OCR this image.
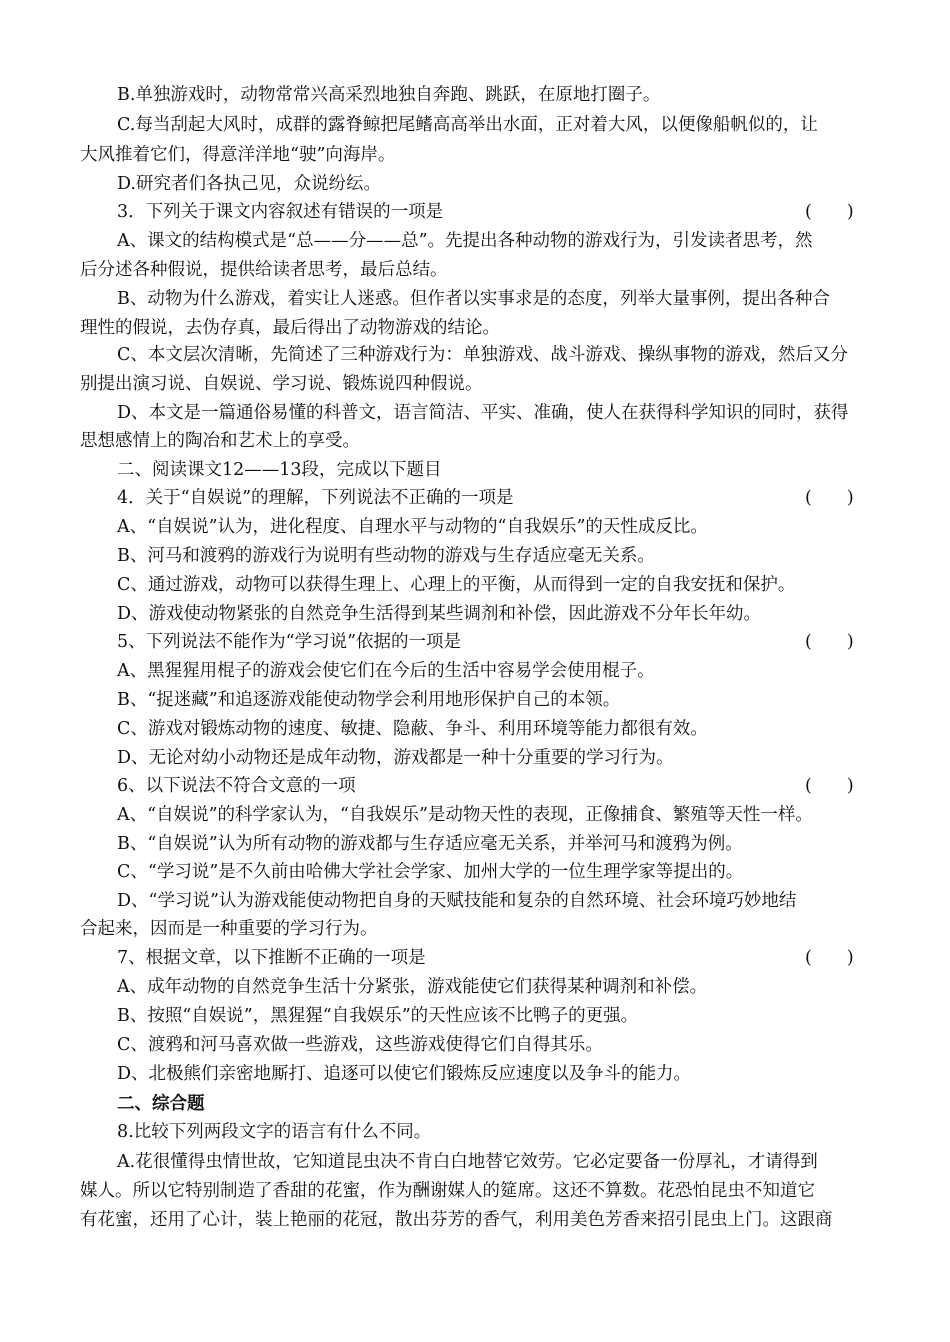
B.单独游戏时，动物常常兴高采烈地独自奔跑、跳跃，在原地打圈子。
C.每当刮起大风时，成群的露脊鲸把尾鳍高高举出水面，正对着大风，以便像船帆似的，让
大风推着它们，得意洋洋地“驶”向海岸。
D.研究者们各执己见，众说纷纭。
3．下列关于课文内容叙述有错误的一项是	(　　)
A、课文的结构模式是“总——分——总”。先提出各种动物的游戏行为，引发读者思考，然
后分述各种假说，提供给读者思考，最后总结。
B、动物为什么游戏，着实让人迷惑。但作者以实事求是的态度，列举大量事例，提出各种合
理性的假说，去伪存真，最后得出了动物游戏的结论。
C、本文层次清晰，先简述了三种游戏行为：单独游戏、战斗游戏、操纵事物的游戏，然后又分
别提出演习说、自娱说、学习说、锻炼说四种假说。
D、本文是一篇通俗易懂的科普文，语言简洁、平实、准确，使人在获得科学知识的同时，获得
思想感情上的陶冶和艺术上的享受。
二、阅读课文12——13段，完成以下题目
4．关于“自娱说”的理解，下列说法不正确的一项是	(　　)
A、“自娱说”认为，进化程度、自理水平与动物的“自我娱乐”的天性成反比。
B、河马和渡鸦的游戏行为说明有些动物的游戏与生存适应毫无关系。
C、通过游戏，动物可以获得生理上、心理上的平衡，从而得到一定的自我安抚和保护。
D、游戏使动物紧张的自然竞争生活得到某些调剂和补偿，因此游戏不分年长年幼。
5、下列说法不能作为“学习说”依据的一项是	(　　)
A、黑猩猩用棍子的游戏会使它们在今后的生活中容易学会使用棍子。
B、“捉迷藏”和追逐游戏能使动物学会利用地形保护自己的本领。
C、游戏对锻炼动物的速度、敏捷、隐蔽、争斗、利用环境等能力都很有效。
D、无论对幼小动物还是成年动物，游戏都是一种十分重要的学习行为。
6、以下说法不符合文意的一项	(　　)
A、“自娱说”的科学家认为，“自我娱乐”是动物天性的表现，正像捕食、繁殖等天性一样。
B、“自娱说”认为所有动物的游戏都与生存适应毫无关系，并举河马和渡鸦为例。
C、“学习说”是不久前由哈佛大学社会学家、加州大学的一位生理学家等提出的。
D、“学习说”认为游戏能使动物把自身的天赋技能和复杂的自然环境、社会环境巧妙地结
合起来，因而是一种重要的学习行为。
7、根据文章，以下推断不正确的一项是	(　　)
A、成年动物的自然竞争生活十分紧张，游戏能使它们获得某种调剂和补偿。
B、按照“自娱说”，黑猩猩“自我娱乐”的天性应该不比鸭子的更强。
C、渡鸦和河马喜欢做一些游戏，这些游戏使得它们自得其乐。
D、北极熊们亲密地厮打、追逐可以使它们锻炼反应速度以及争斗的能力。
二、综合题
8.比较下列两段文字的语言有什么不同。
A.花很懂得虫情世故，它知道昆虫决不肯白白地替它效劳。它必定要备一份厚礼，才请得到
媒人。所以它特别制造了香甜的花蜜，作为酬谢媒人的筵席。这还不算数。花恐怕昆虫不知道它
有花蜜，还用了心计，装上艳丽的花冠，散出芬芳的香气，利用美色芳香来招引昆虫上门。这跟商
